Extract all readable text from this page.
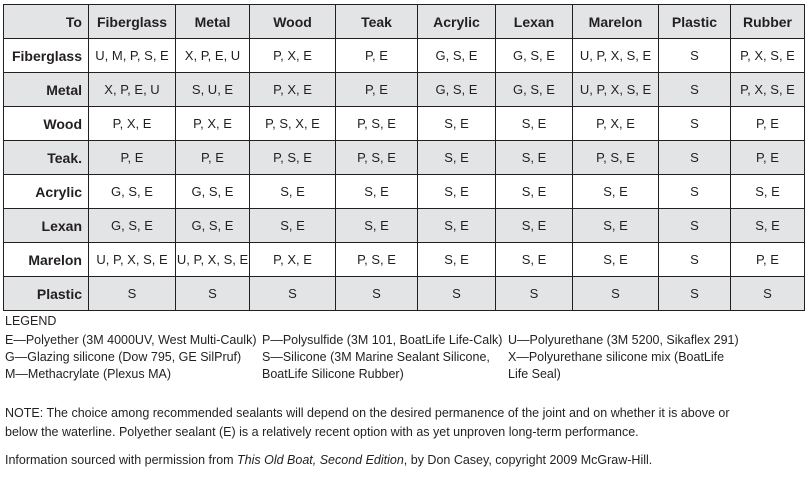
To	Fiberglass	Metal	Wood	Teak	Acrylic	Lexan	Marelon	Plastic	Rubber
Fiberglass	U, M, P, S, E	X, P, E, U	P, X, E	P, E	G, S, E	G, S, E	U, P, X, S, E	S	P, X, S, E
Metal	X, P, E, U	S, U, E	P, X, E	P, E	G, S, E	G, S, E	U, P, X, S, E	S	P, X, S, E
Wood	P, X, E	P, X, E	P, S, X, E	P, S, E	S, E	S, E	P, X, E	S	P, E
Teak.	P, E	P, E	P, S, E	P, S, E	S, E	S, E	P, S, E	S	P, E
Acrylic	G, S, E	G, S, E	S, E	S, E	S, E	S, E	S, E	S	S, E
Lexan	G, S, E	G, S, E	S, E	S, E	S, E	S, E	S, E	S	S, E
Marelon	U, P, X, S, E	U, P, X, S, E	P, X, E	P, S, E	S, E	S, E	S, E	S	P, E
Plastic	S	S	S	S	S	S	S	S	S
LEGEND
E—Polyether (3M 4000UV, West Multi-Caulk)
G—Glazing silicone (Dow 795, GE SilPruf)
M—Methacrylate (Plexus MA)
P—Polysulfide (3M 101, BoatLife Life-Calk)
S—Silicone (3M Marine Sealant Silicone,
BoatLife Silicone Rubber)
U—Polyurethane (3M 5200, Sikaflex 291)
X—Polyurethane silicone mix (BoatLife
Life Seal)
NOTE: The choice among recommended sealants will depend on the desired permanence of the joint and on whether it is above or below the waterline. Polyether sealant (E) is a relatively recent option with as yet unproven long-term performance.
Information sourced with permission from This Old Boat, Second Edition, by Don Casey, copyright 2009 McGraw-Hill.
